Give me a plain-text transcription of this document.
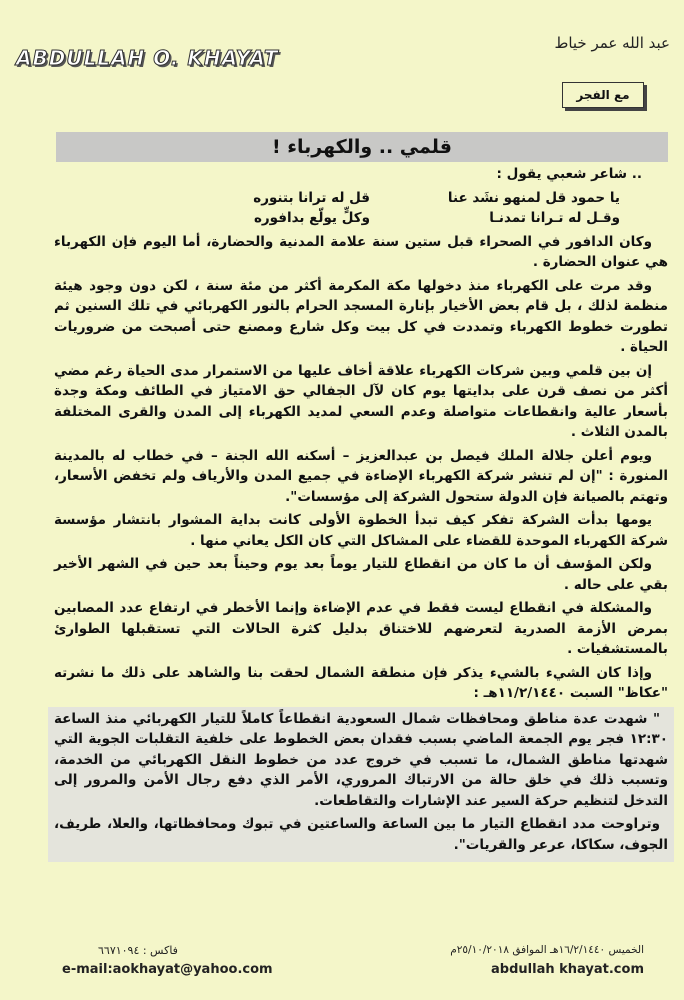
عبد الله عمر خياط
ABDULLAH O. KHAYAT
مع الفجر
قلمي .. والكهرباء !

.. شاعر شعبي يقول :

يا حمود قل لمنهو نشَد عنا
قل له ترانا بتنوره
وقـل له تـرانا تمدنـا
وكلٍّ يولّع بدافوره

وكان الدافور في الصحراء قبل ستين سنة علامة المدنية والحضارة، أما اليوم فإن الكهرباء هي عنوان الحضارة .

وقد مرت على الكهرباء منذ دخولها مكة المكرمة أكثر من مئة سنة ، لكن دون وجود هيئة منظمة لذلك ، بل قام بعض الأخيار بإنارة المسجد الحرام بالنور الكهربائي في تلك السنين ثم تطورت خطوط الكهرباء وتمددت في كل بيت وكل شارع ومصنع حتى أصبحت من ضروريات الحياة .

إن بين قلمي وبين شركات الكهرباء علاقة أخاف عليها من الاستمرار مدى الحياة رغم مضي أكثر من نصف قرن على بدايتها يوم كان لآل الجفالي حق الامتياز في الطائف ومكة وجدة بأسعار عالية وانقطاعات متواصلة وعدم السعي لمديد الكهرباء إلى المدن والقرى المختلفة بالمدن الثلاث .

ويوم أعلن جلالة الملك فيصل بن عبدالعزيز – أسكنه الله الجنة – في خطاب له بالمدينة المنورة : "إن لم تنشر شركة الكهرباء الإضاءة في جميع المدن والأرياف ولم تخفض الأسعار، وتهتم بالصيانة فإن الدولة ستحول الشركة إلى مؤسسات".

يومها بدأت الشركة تفكر كيف تبدأ الخطوة الأولى كانت بداية المشوار بانتشار مؤسسة شركة الكهرباء الموحدة للقضاء على المشاكل التي كان الكل يعاني منها .

ولكن المؤسف أن ما كان من انقطاع للتيار يوماً بعد يوم وحيناً بعد حين في الشهر الأخير بقي على حاله .

والمشكلة في انقطاع ليست فقط في عدم الإضاءة وإنما الأخطر في ارتفاع عدد المصابين بمرض الأزمة الصدرية لتعرضهم للاختناق بدليل كثرة الحالات التي تستقبلها الطوارئ بالمستشفيات .

وإذا كان الشيء بالشيء يذكر فإن منطقة الشمال لحقت بنا والشاهد على ذلك ما نشرته "عكاظ" السبت ١١/٢/١٤٤٠هـ :

" شهدت عدة مناطق ومحافظات شمال السعودية انقطاعاً كاملاً للتيار الكهربائي منذ الساعة ١٢:٣٠ فجر يوم الجمعة الماضي بسبب فقدان بعض الخطوط على خلفية التقلبات الجوية التي شهدتها مناطق الشمال، ما تسبب في خروج عدد من خطوط النقل الكهربائي من الخدمة، وتسبب ذلك في خلق حالة من الارتباك المروري، الأمر الذي دفع رجال الأمن والمرور إلى التدخل لتنظيم حركة السير عند الإشارات والتقاطعات.

وتراوحت مدد انقطاع التيار ما بين الساعة والساعتين في تبوك ومحافظاتها، والعلا، طريف، الجوف، سكاكا، عرعر والقريات".

الخميس ١٦/٢/١٤٤٠هـ الموافق ٢٥/١٠/٢٠١٨م
فاكس : ٦٦٧١٠٩٤
abdullah khayat.com
e-mail:aokhayat@yahoo.com
